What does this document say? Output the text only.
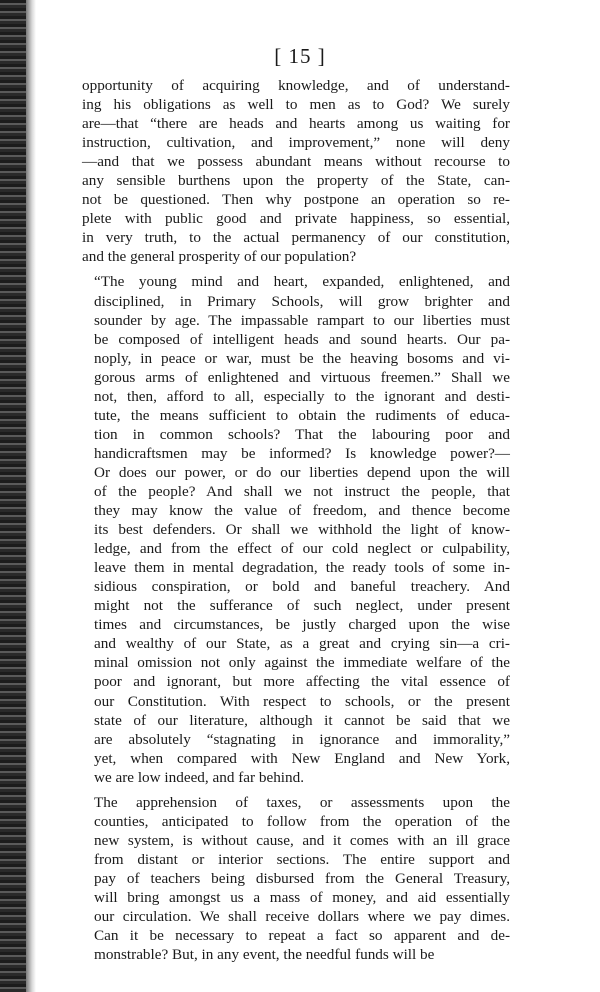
[ 15 ]
opportunity of acquiring knowledge, and of understand-
ing his obligations as well to men as to God? We surely
are—that “there are heads and hearts among us waiting for
instruction, cultivation, and improvement,” none will deny
—and that we possess abundant means without recourse to
any sensible burthens upon the property of the State, can-
not be questioned. Then why postpone an operation so re-
plete with public good and private happiness, so essential,
in very truth, to the actual permanency of our constitution,
and the general prosperity of our population?
“The young mind and heart, expanded, enlightened, and
disciplined, in Primary Schools, will grow brighter and
sounder by age. The impassable rampart to our liberties must
be composed of intelligent heads and sound hearts. Our pa-
noply, in peace or war, must be the heaving bosoms and vi-
gorous arms of enlightened and virtuous freemen.” Shall we
not, then, afford to all, especially to the ignorant and desti-
tute, the means sufficient to obtain the rudiments of educa-
tion in common schools? That the labouring poor and
handicraftsmen may be informed? Is knowledge power?—
Or does our power, or do our liberties depend upon the will
of the people? And shall we not instruct the people, that
they may know the value of freedom, and thence become
its best defenders. Or shall we withhold the light of know-
ledge, and from the effect of our cold neglect or culpability,
leave them in mental degradation, the ready tools of some in-
sidious conspiration, or bold and baneful treachery. And
might not the sufferance of such neglect, under present
times and circumstances, be justly charged upon the wise
and wealthy of our State, as a great and crying sin—a cri-
minal omission not only against the immediate welfare of the
poor and ignorant, but more affecting the vital essence of
our Constitution. With respect to schools, or the present
state of our literature, although it cannot be said that we
are absolutely “stagnating in ignorance and immorality,”
yet, when compared with New England and New York,
we are low indeed, and far behind.
The apprehension of taxes, or assessments upon the
counties, anticipated to follow from the operation of the
new system, is without cause, and it comes with an ill grace
from distant or interior sections. The entire support and
pay of teachers being disbursed from the General Treasury,
will bring amongst us a mass of money, and aid essentially
our circulation. We shall receive dollars where we pay dimes.
Can it be necessary to repeat a fact so apparent and de-
monstrable? But, in any event, the needful funds will be
